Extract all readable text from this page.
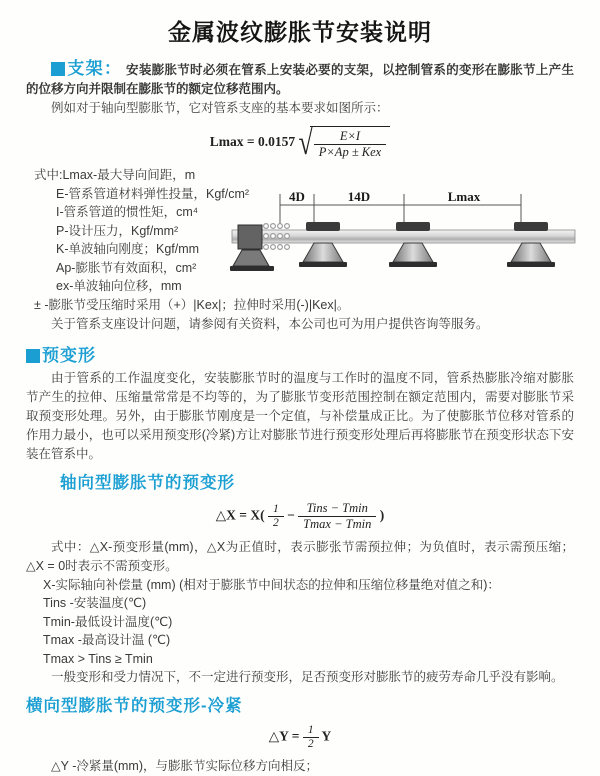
金属波纹膨胀节安装说明

支架： 安装膨胀节时必须在管系上安装必要的支架，以控制管系的变形在膨胀节上产生的位移方向并限制在膨胀节的额定位移范围内。

例如对于轴向型膨胀节，它对管系支座的基本要求如图所示：

Lmax = 0.0157 √ $\frac{E\times I}{\text{P×Ap ± Kex}}$
式中:Lmax-最大导向间距，m
E-管系管道材料弹性投量，Kgf/cm²
I-管系管道的惯性矩，cm⁴
P-设计压力，Kgf/mm²
K-单波轴向刚度；Kgf/mm
Ap-膨胀节有效面积，cm²
ex-单波轴向位移，mm
4D	14D	Lmax

± -膨胀节受压缩时采用（+）|Kex|；拉伸时采用(-)|Kex|。

关于管系支座设计问题，请参阅有关资料，本公司也可为用户提供咨询等服务。

预变形

由于管系的工作温度变化，安装膨胀节时的温度与工作时的温度不同，管系热膨胀冷缩对膨胀节产生的拉伸、压缩量常常是不均等的，为了膨胀节变形范围控制在额定范围内，需要对膨胀节采取预变形处理。另外，由于膨胀节刚度是一个定值，与补偿量成正比。为了使膨胀节位移对管系的作用力最小，也可以采用预变形(冷紧)方让对膨胀节进行预变形处理后再将膨胀节在预变形状态下安装在管系中。

轴向型膨胀节的预变形

△X = $X( \frac{1}{2} - \frac{\text{Tins − Tmin}}{Tmax - Tmin}$ )

式中：△X-预变形量(mm)，△X为正值时，表示膨张节需预拉伸；为负值时，表示需预压缩；△X = 0时表示不需预变形。

X-实际轴向补偿量 (mm) (相对于膨胀节中间状态的拉伸和压缩位移量绝对值之和)：
Tins -安装温度(℃)
Tmin-最低设计温度(℃)
Tmax -最高设计温 (℃)
Tmax > Tins ≥ Tmin

一般变形和受力情况下，不一定进行预变形，足否预变形对膨胀节的疲劳寿命几乎没有影响。

横向型膨胀节的预变形-冷紧

△Y = $\frac{1}{2}$ Y

△Y -冷紧量(mm)，与膨胀节实际位移方向相反；
